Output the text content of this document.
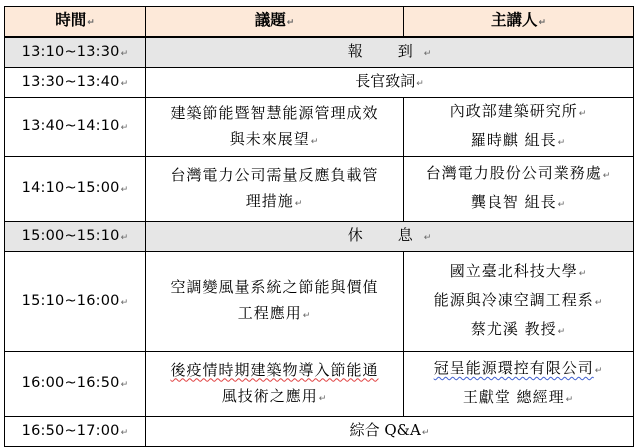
時間↵	議題↵	主講人↵
13:10~13:30↵	報　到↵	
13:30~13:40↵	長官致詞↵	
13:40~14:10↵	建築節能暨智慧能源管理成效
與未來展望↵	內政部建築研究所↵
羅時麒 組長↵

14:10~15:00↵	台灣電力公司需量反應負載管
理措施↵	台灣電力股份公司業務處↵
龔良智 組長↵

15:00~15:10↵	休　息↵	
15:10~16:00↵	空調變風量系統之節能與價值
工程應用↵	國立臺北科技大學↵
能源與冷凍空調工程系↵
蔡尤溪 教授↵

16:00~16:50↵	後疫情時期建築物導入節能通
風技術之應用↵	冠呈能源環控有限公司↵
王獻堂 總經理↵

16:50~17:00↵	綜合 Q&A↵	
